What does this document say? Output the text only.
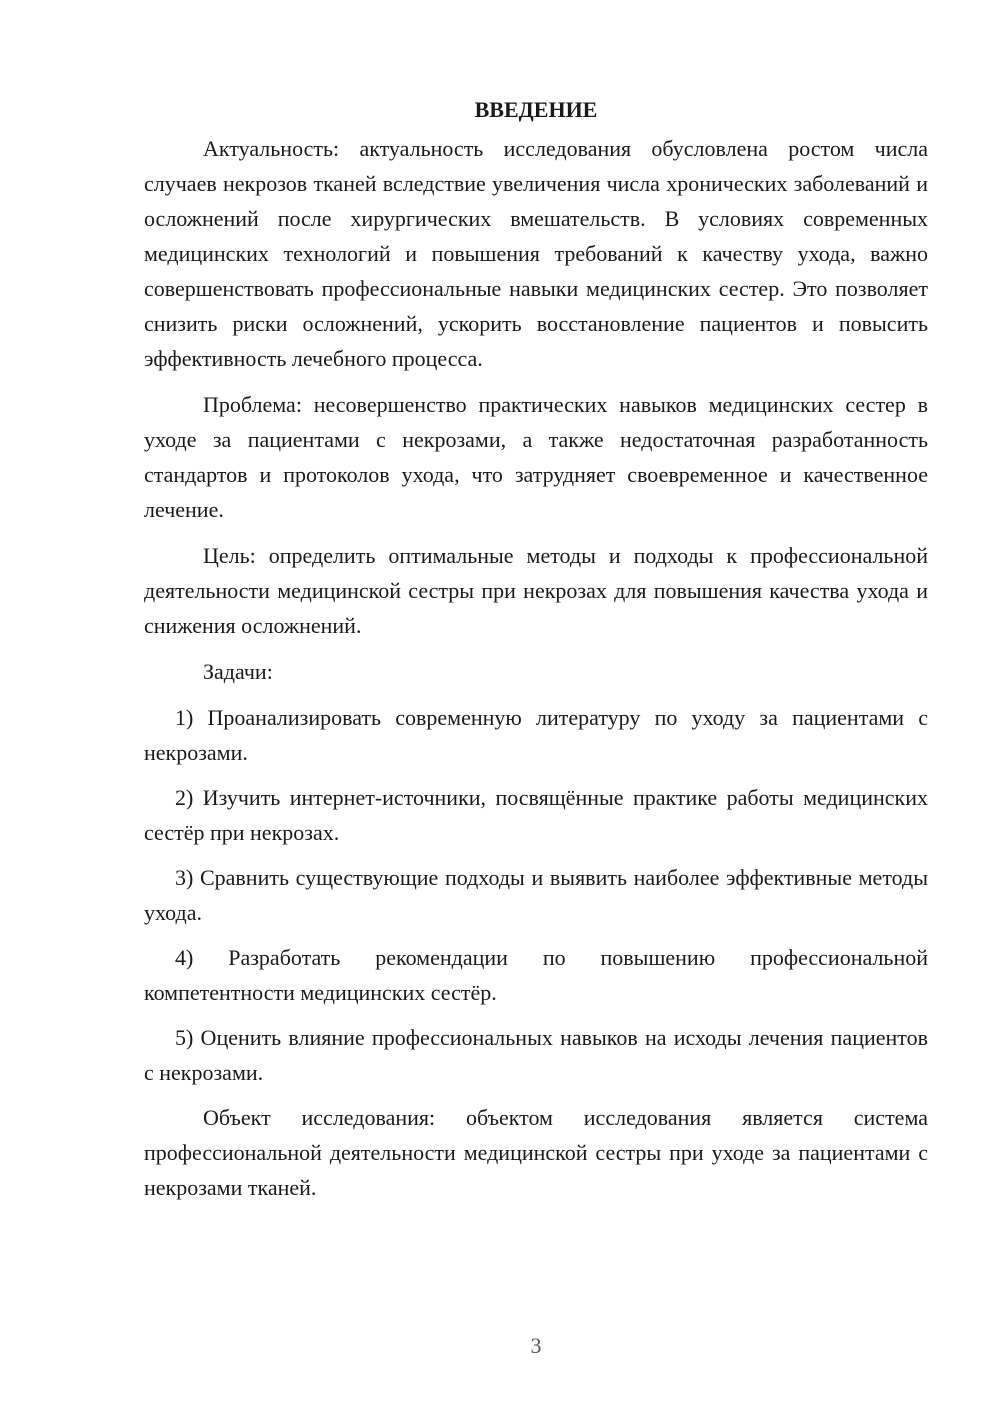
ВВЕДЕНИЕ

Актуальность: актуальность исследования обусловлена ростом числа случаев некрозов тканей вследствие увеличения числа хронических заболеваний и осложнений после хирургических вмешательств. В условиях современных медицинских технологий и повышения требований к качеству ухода, важно совершенствовать профессиональные навыки медицинских сестер. Это позволяет снизить риски осложнений, ускорить восстановление пациентов и повысить эффективность лечебного процесса.

Проблема: несовершенство практических навыков медицинских сестер в уходе за пациентами с некрозами, а также недостаточная разработанность стандартов и протоколов ухода, что затрудняет своевременное и качественное лечение.

Цель: определить оптимальные методы и подходы к профессиональной деятельности медицинской сестры при некрозах для повышения качества ухода и снижения осложнений.

Задачи:

1) Проанализировать современную литературу по уходу за пациентами с некрозами.

2) Изучить интернет-источники, посвящённые практике работы медицинских сестёр при некрозах.

3) Сравнить существующие подходы и выявить наиболее эффективные методы ухода.

4) Разработать рекомендации по повышению профессиональной компетентности медицинских сестёр.

5) Оценить влияние профессиональных навыков на исходы лечения пациентов с некрозами.

Объект исследования: объектом исследования является система профессиональной деятельности медицинской сестры при уходе за пациентами с некрозами тканей.

3
